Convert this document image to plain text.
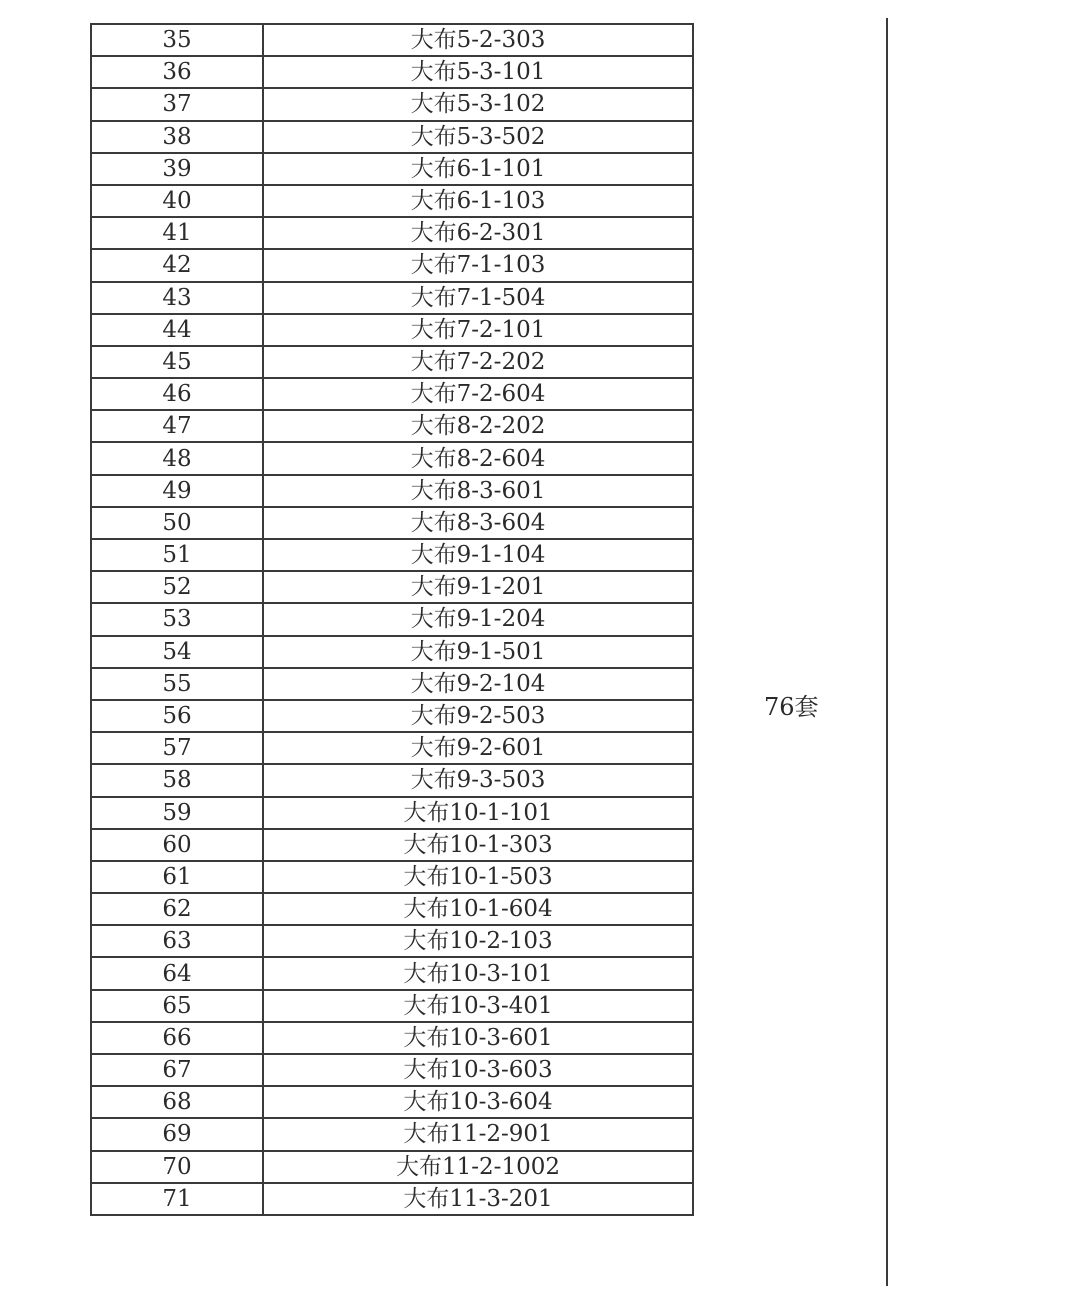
35	大布5-2-303
36	大布5-3-101
37	大布5-3-102
38	大布5-3-502
39	大布6-1-101
40	大布6-1-103
41	大布6-2-301
42	大布7-1-103
43	大布7-1-504
44	大布7-2-101
45	大布7-2-202
46	大布7-2-604
47	大布8-2-202
48	大布8-2-604
49	大布8-3-601
50	大布8-3-604
51	大布9-1-104
52	大布9-1-201
53	大布9-1-204
54	大布9-1-501
55	大布9-2-104
56	大布9-2-503
57	大布9-2-601
58	大布9-3-503
59	大布10-1-101
60	大布10-1-303
61	大布10-1-503
62	大布10-1-604
63	大布10-2-103
64	大布10-3-101
65	大布10-3-401
66	大布10-3-601
67	大布10-3-603
68	大布10-3-604
69	大布11-2-901
70	大布11-2-1002
71	大布11-3-201
76套
